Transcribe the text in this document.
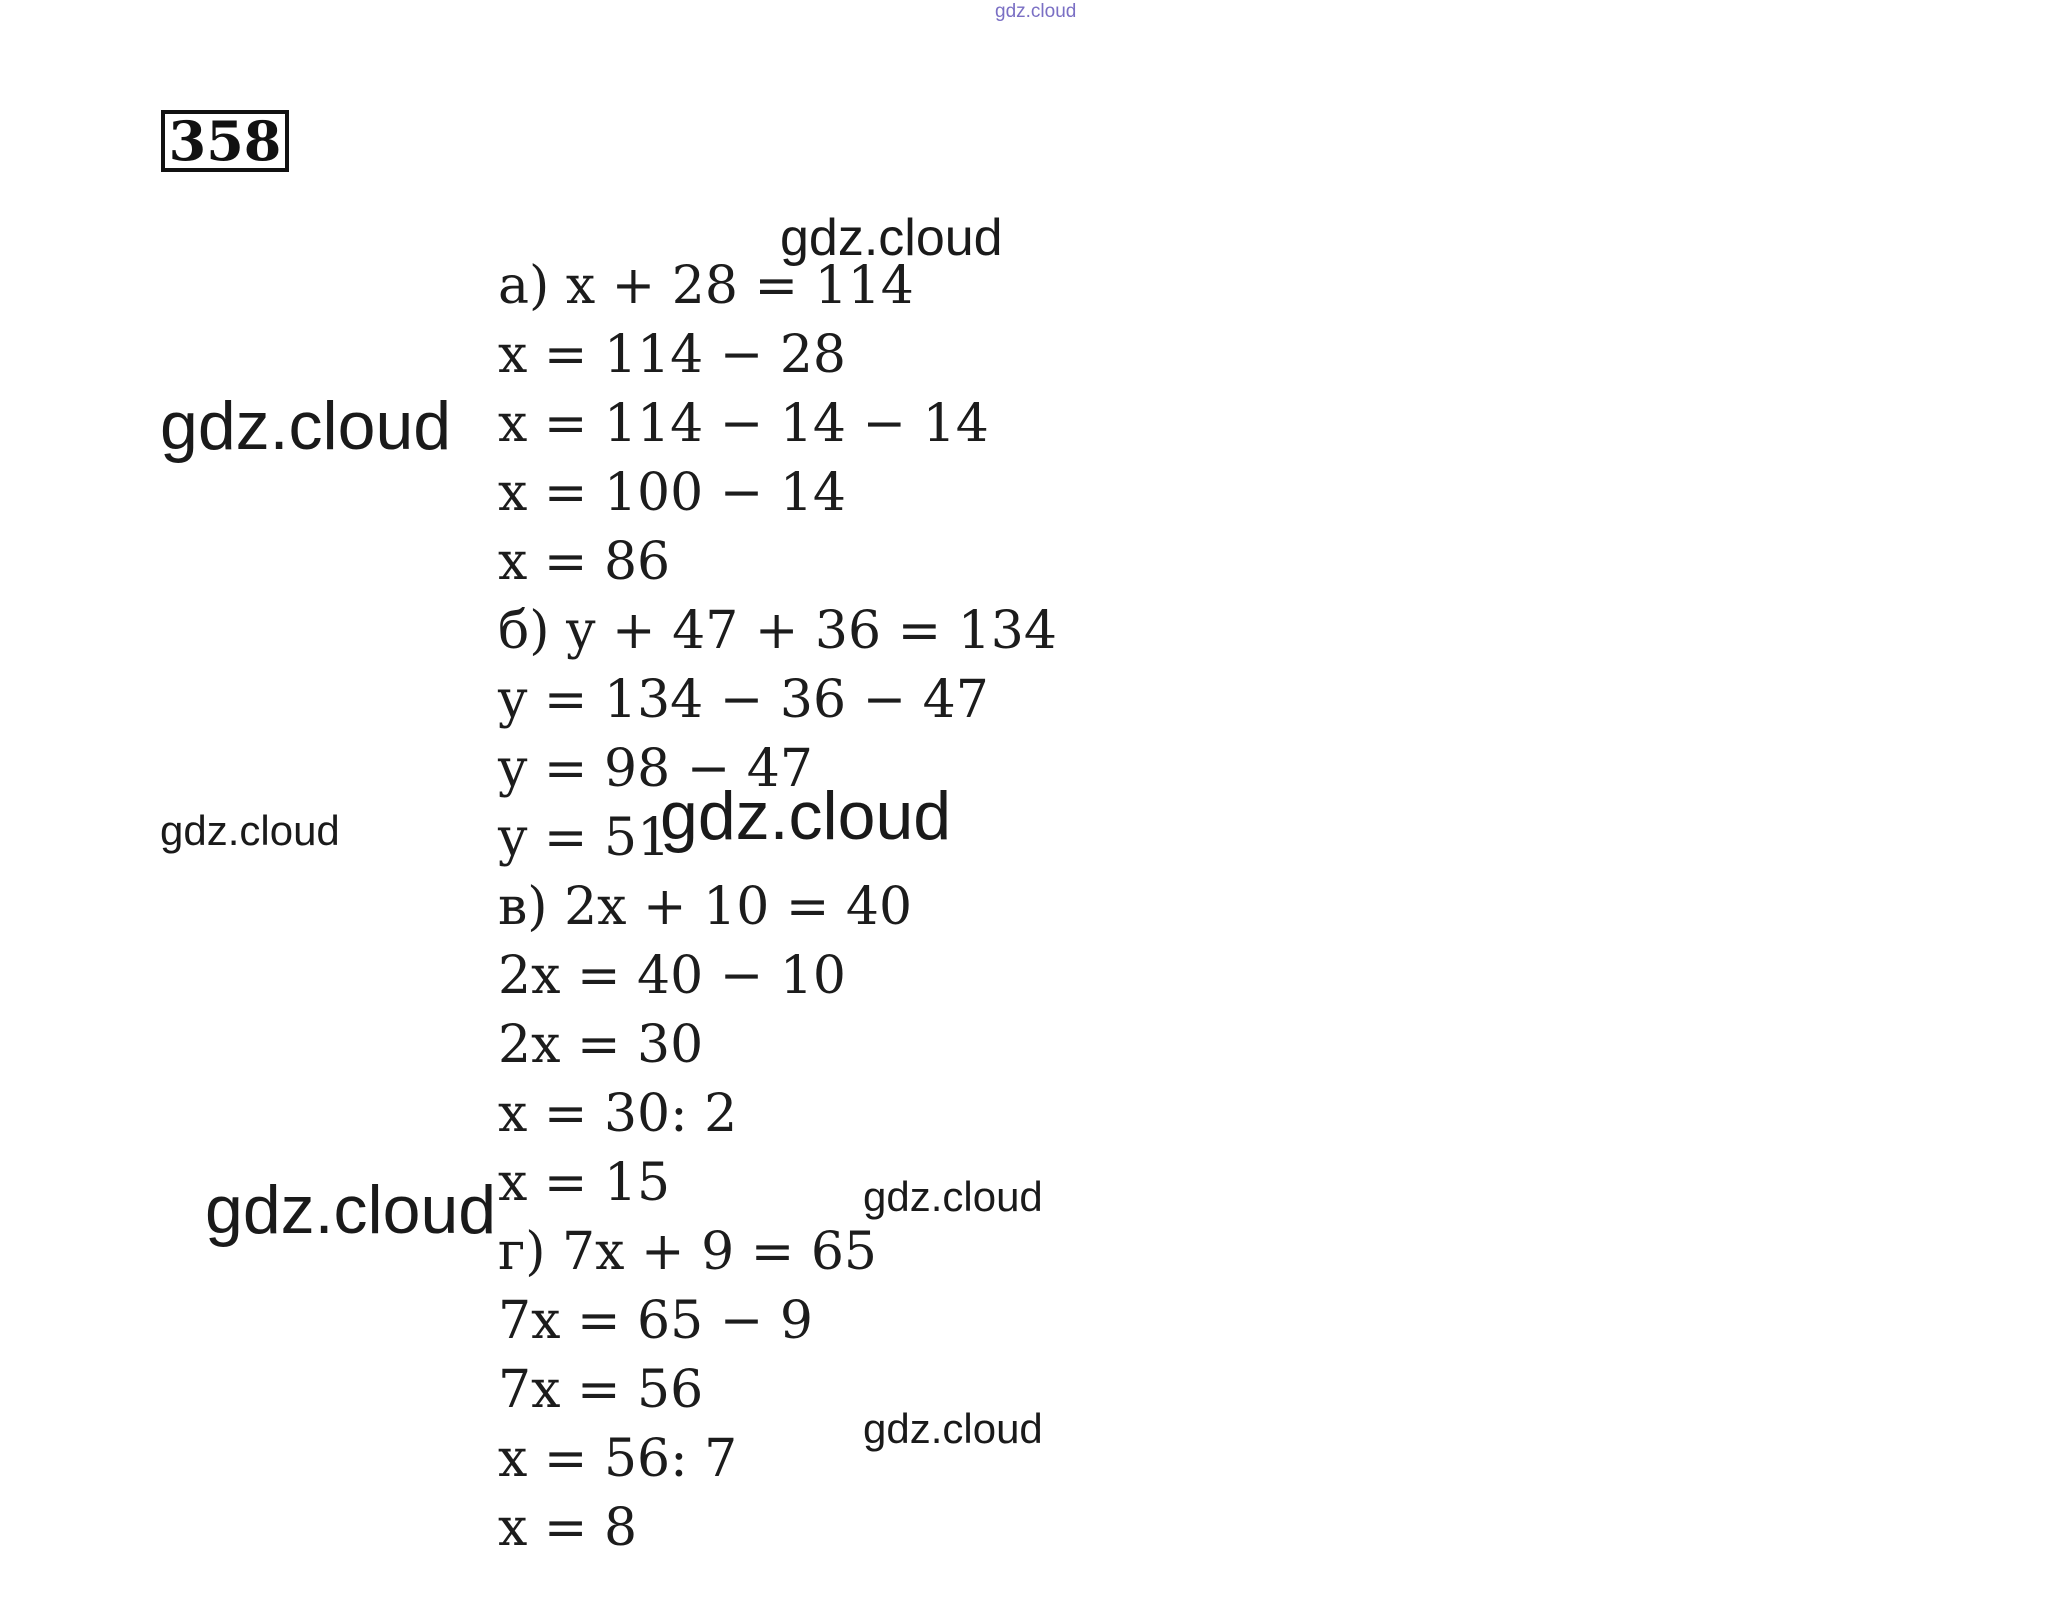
358
а) x + 28 = 114
x = 114 − 28
x = 114 − 14 − 14
x = 100 − 14
x = 86
б) y + 47 + 36 = 134
y = 134 − 36 − 47
y = 98 − 47
y = 51
в) 2x + 10 = 40
2x = 40 − 10
2x = 30
x = 30: 2
x = 15
г) 7x + 9 = 65
7x = 65 − 9
7x = 56
x = 56: 7
x = 8
gdz.cloud
gdz.cloud
gdz.cloud
gdz.cloud	gdz.cloud
gdz.cloud	gdz.cloud
gdz.cloud
